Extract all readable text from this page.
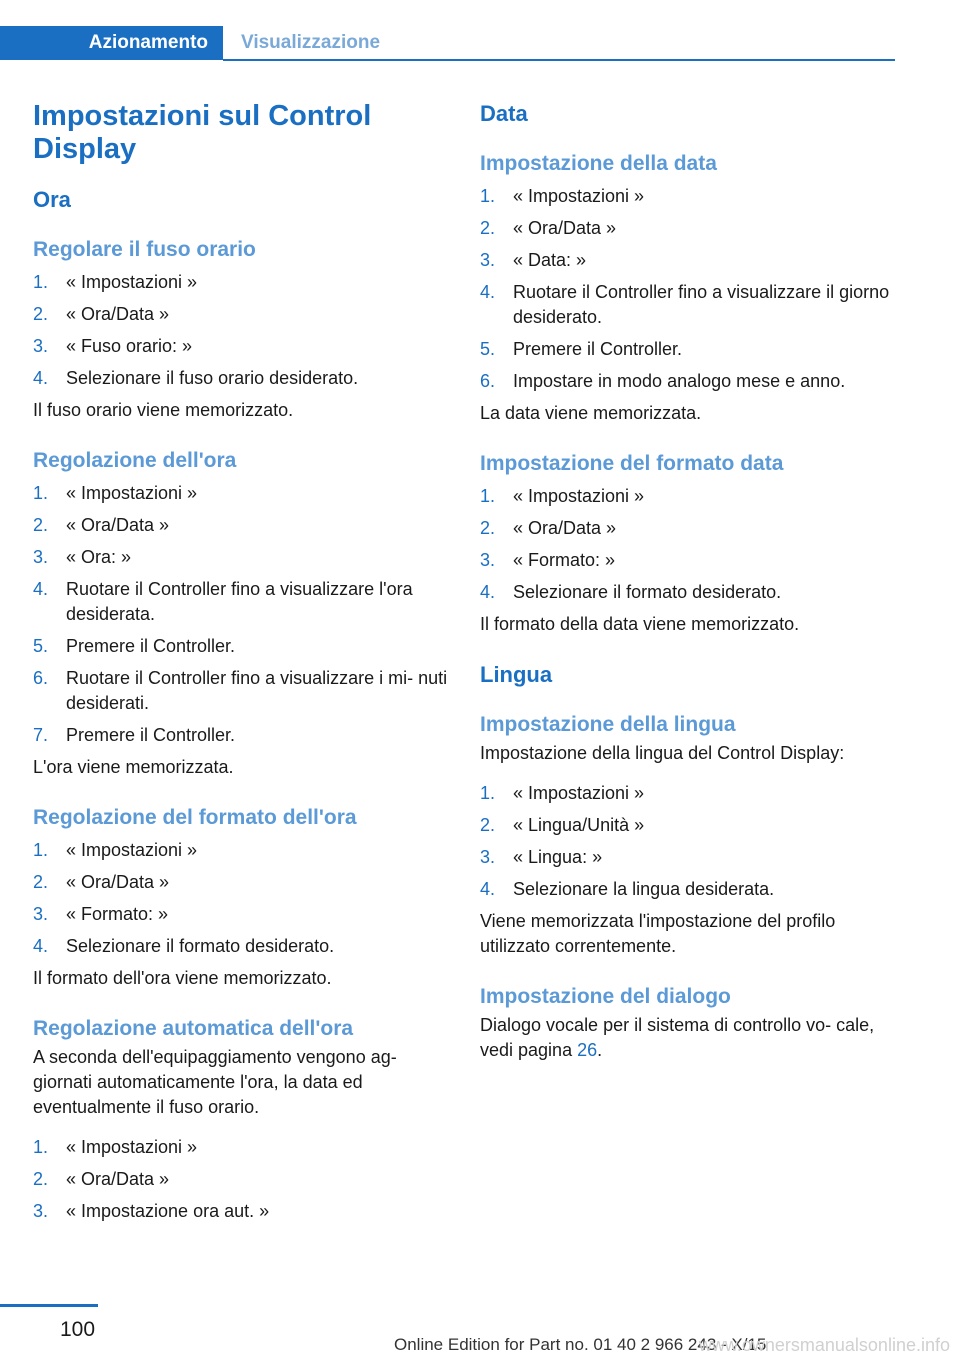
Azionamento	Visualizzazione
Impostazioni sul Control Display
Ora
Regolare il fuso orario
1. « Impostazioni »
2. « Ora/Data »
3. « Fuso orario: »
4. Selezionare il fuso orario desiderato.

Il fuso orario viene memorizzato.

Regolazione dell'ora
1. « Impostazioni »
2. « Ora/Data »
3. « Ora: »
4. Ruotare il Controller fino a visualizzare l'ora desiderata.
5. Premere il Controller.
6. Ruotare il Controller fino a visualizzare i mi‐ nuti desiderati.
7. Premere il Controller.

L'ora viene memorizzata.

Regolazione del formato dell'ora
1. « Impostazioni »
2. « Ora/Data »
3. « Formato: »
4. Selezionare il formato desiderato.

Il formato dell'ora viene memorizzato.

Regolazione automatica dell'ora

A seconda dell'equipaggiamento vengono ag‐ giornati automaticamente l'ora, la data ed eventualmente il fuso orario.

1. « Impostazioni »
2. « Ora/Data »
3. « Impostazione ora aut. »
Data
Impostazione della data
1. « Impostazioni »
2. « Ora/Data »
3. « Data: »
4. Ruotare il Controller fino a visualizzare il giorno desiderato.
5. Premere il Controller.
6. Impostare in modo analogo mese e anno.

La data viene memorizzata.

Impostazione del formato data
1. « Impostazioni »
2. « Ora/Data »
3. « Formato: »
4. Selezionare il formato desiderato.

Il formato della data viene memorizzato.

Lingua
Impostazione della lingua

Impostazione della lingua del Control Display:

1. « Impostazioni »
2. « Lingua/Unità »
3. « Lingua: »
4. Selezionare la lingua desiderata.

Viene memorizzata l'impostazione del profilo utilizzato correntemente.

Impostazione del dialogo

Dialogo vocale per il sistema di controllo vo‐ cale, vedi pagina 26.

100
Online Edition for Part no. 01 40 2 966 243 - X/15
www.ownersmanualsonline.info
